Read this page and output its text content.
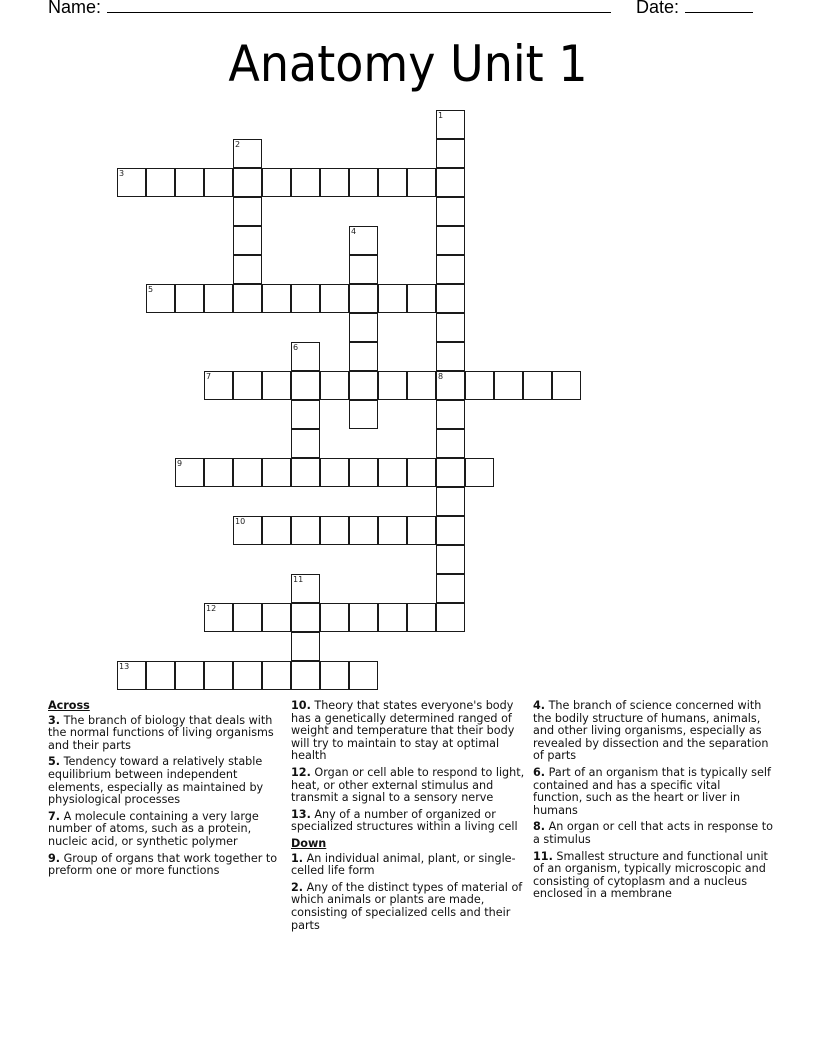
Name:	Date:
Anatomy Unit 1
1
2
3
4
5
6
7	8
9
10
11
12
13
Across
3. The branch of biology that deals with the normal functions of living organisms and their parts
5. Tendency toward a relatively stable equilibrium between independent elements, especially as maintained by physiological processes
7. A molecule containing a very large number of atoms, such as a protein, nucleic acid, or synthetic polymer
9. Group of organs that work together to preform one or more functions
10. Theory that states everyone's body has a genetically determined ranged of weight and temperature that their body will try to maintain to stay at optimal health
12. Organ or cell able to respond to light, heat, or other external stimulus and transmit a signal to a sensory nerve
13. Any of a number of organized or specialized structures within a living cell
Down
1. An individual animal, plant, or single-celled life form
2. Any of the distinct types of material of which animals or plants are made, consisting of specialized cells and their parts
4. The branch of science concerned with the bodily structure of humans, animals, and other living organisms, especially as revealed by dissection and the separation of parts
6. Part of an organism that is typically self contained and has a specific vital function, such as the heart or liver in humans
8. An organ or cell that acts in response to a stimulus
11. Smallest structure and functional unit of an organism, typically microscopic and consisting of cytoplasm and a nucleus enclosed in a membrane
